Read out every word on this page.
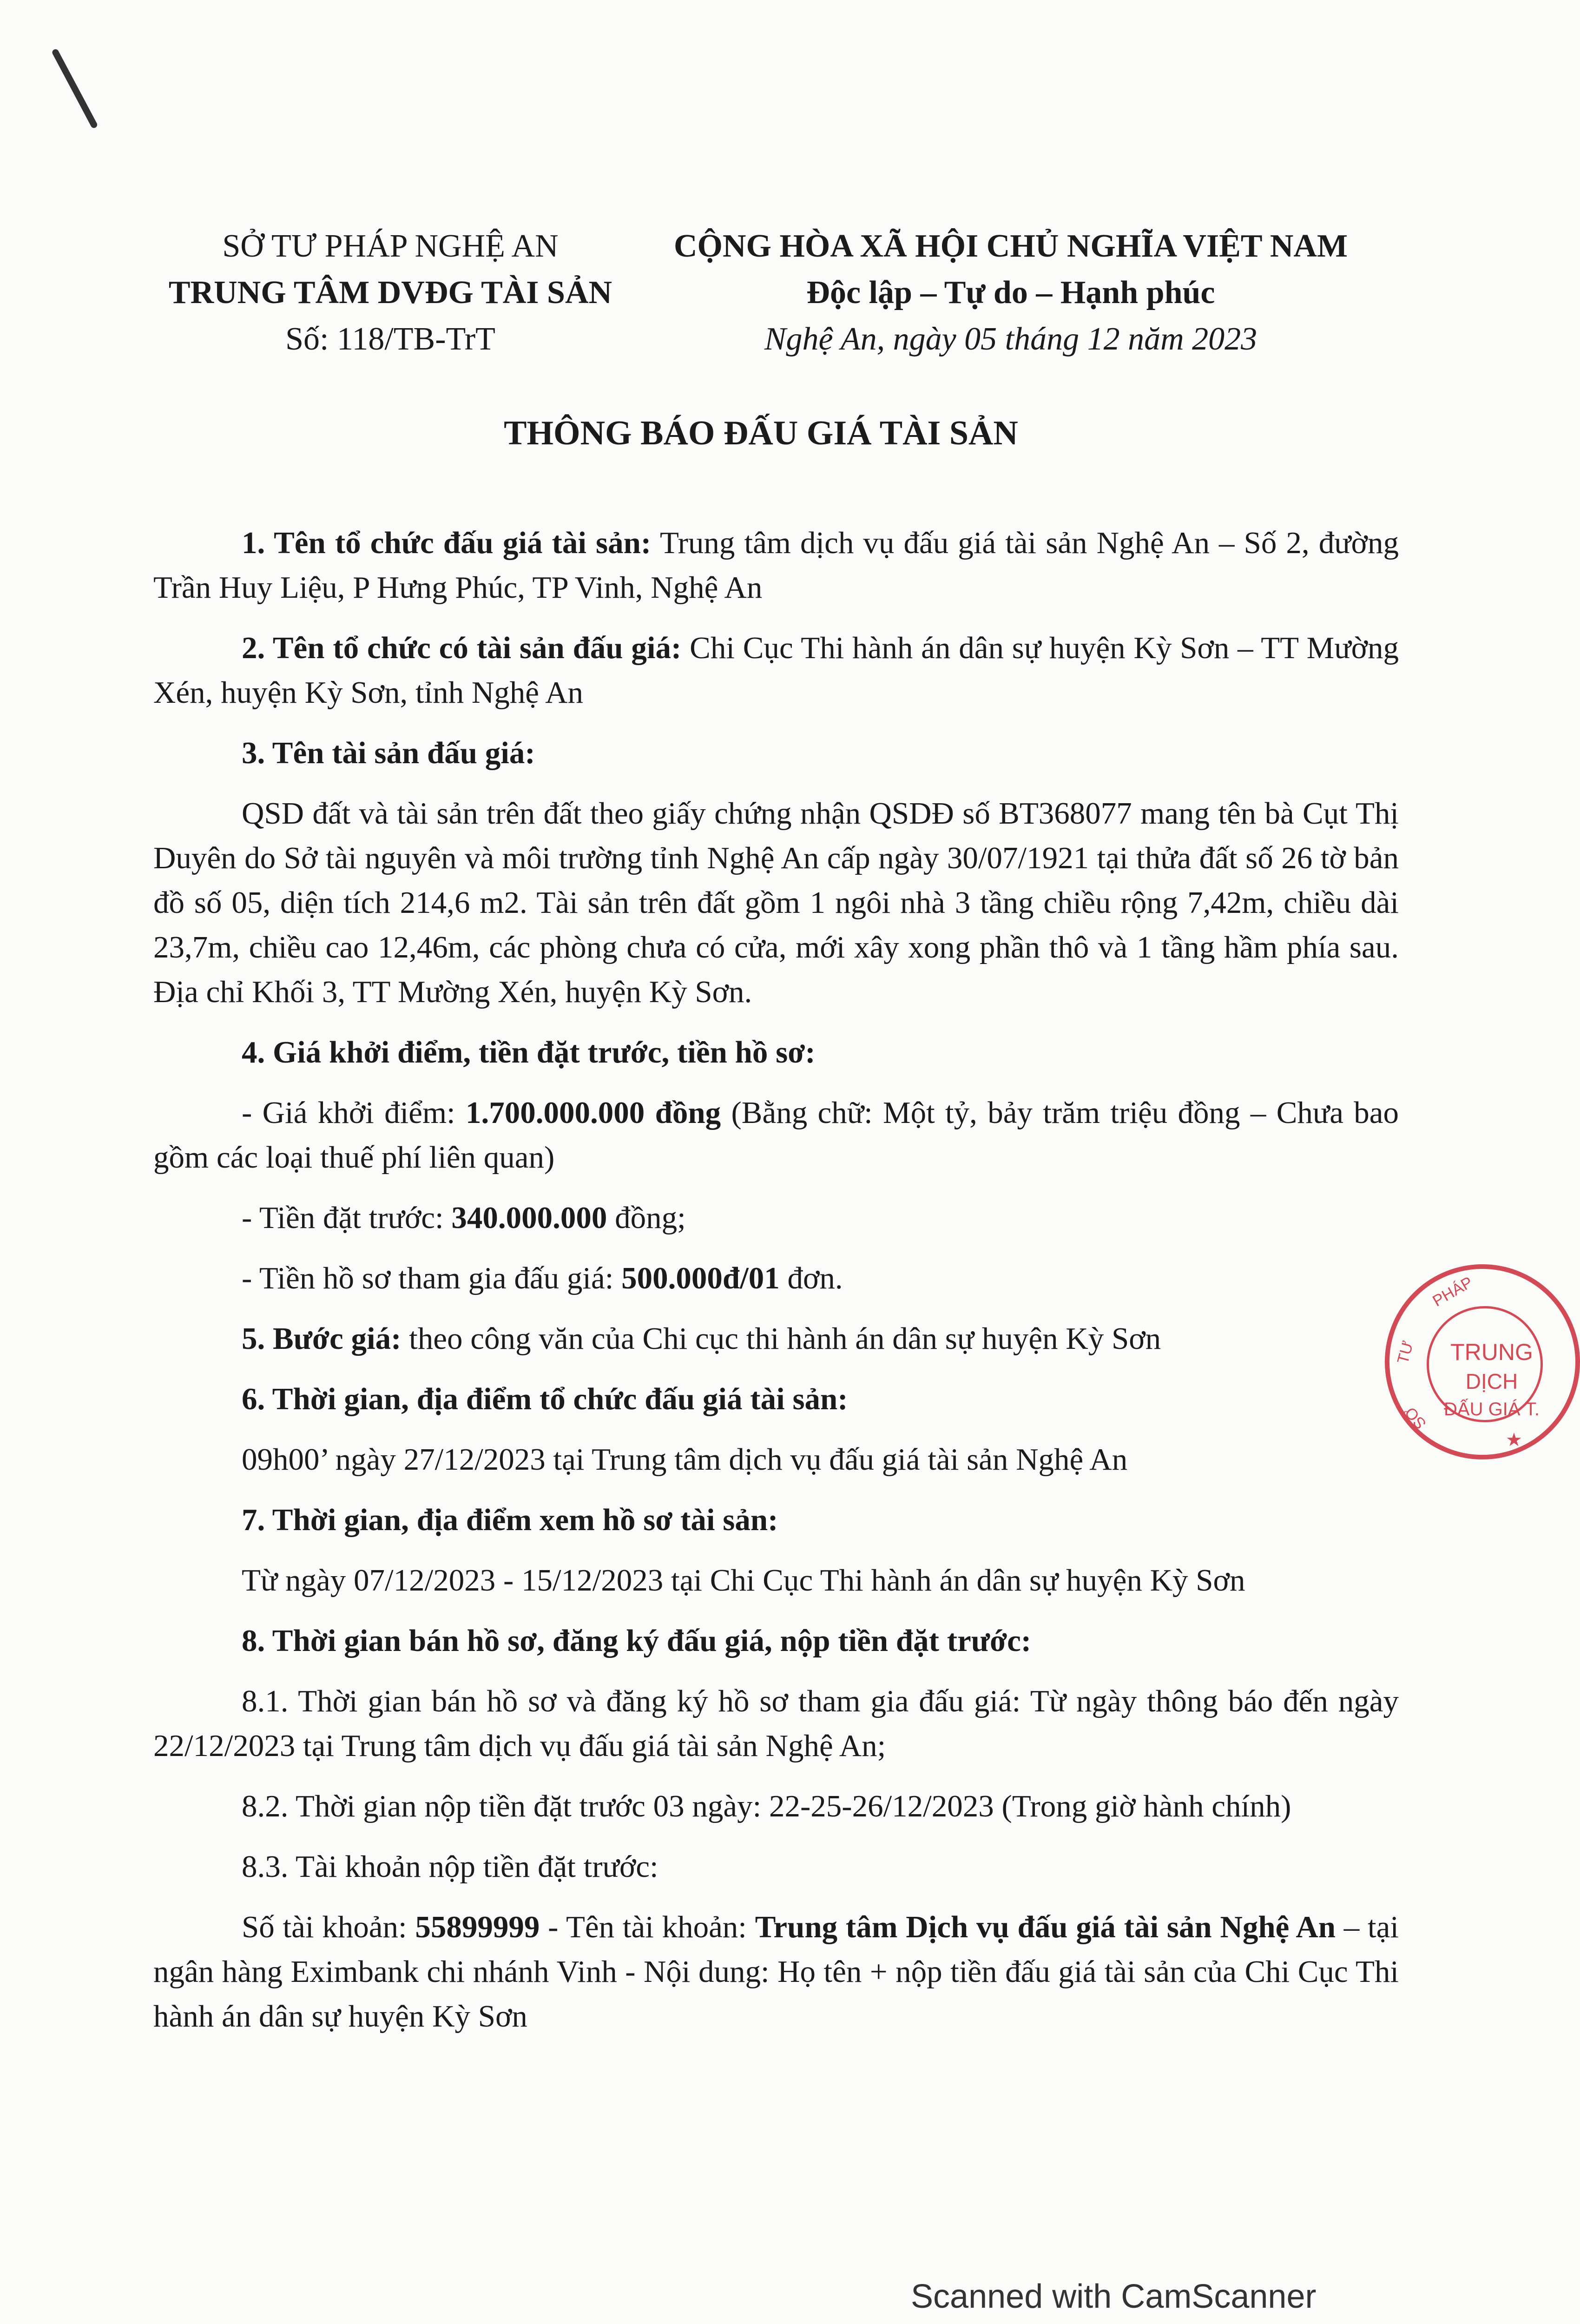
SỞ TƯ PHÁP NGHỆ AN
TRUNG TÂM DVĐG TÀI SẢN
Số: 118/TB-TrT
CỘNG HÒA XÃ HỘI CHỦ NGHĨA VIỆT NAM
Độc lập – Tự do – Hạnh phúc
Nghệ An, ngày 05 tháng 12 năm 2023
THÔNG BÁO ĐẤU GIÁ TÀI SẢN

1. Tên tổ chức đấu giá tài sản: Trung tâm dịch vụ đấu giá tài sản Nghệ An – Số 2, đường Trần Huy Liệu, P Hưng Phúc, TP Vinh, Nghệ An

2. Tên tổ chức có tài sản đấu giá: Chi Cục Thi hành án dân sự huyện Kỳ Sơn – TT Mường Xén, huyện Kỳ Sơn, tỉnh Nghệ An

3. Tên tài sản đấu giá:

QSD đất và tài sản trên đất theo giấy chứng nhận QSDĐ số BT368077 mang tên bà Cụt Thị Duyên do Sở tài nguyên và môi trường tỉnh Nghệ An cấp ngày 30/07/1921 tại thửa đất số 26 tờ bản đồ số 05, diện tích 214,6 m2. Tài sản trên đất gồm 1 ngôi nhà 3 tầng chiều rộng 7,42m, chiều dài 23,7m, chiều cao 12,46m, các phòng chưa có cửa, mới xây xong phần thô và 1 tầng hầm phía sau. Địa chỉ Khối 3, TT Mường Xén, huyện Kỳ Sơn.

4. Giá khởi điểm, tiền đặt trước, tiền hồ sơ:

- Giá khởi điểm: 1.700.000.000 đồng (Bằng chữ: Một tỷ, bảy trăm triệu đồng – Chưa bao gồm các loại thuế phí liên quan)

- Tiền đặt trước: 340.000.000 đồng;

- Tiền hồ sơ tham gia đấu giá: 500.000đ/01 đơn.

5. Bước giá: theo công văn của Chi cục thi hành án dân sự huyện Kỳ Sơn

6. Thời gian, địa điểm tổ chức đấu giá tài sản:

09h00’ ngày 27/12/2023 tại Trung tâm dịch vụ đấu giá tài sản Nghệ An

7. Thời gian, địa điểm xem hồ sơ tài sản:

Từ ngày 07/12/2023 - 15/12/2023 tại Chi Cục Thi hành án dân sự huyện Kỳ Sơn

8. Thời gian bán hồ sơ, đăng ký đấu giá, nộp tiền đặt trước:

8.1. Thời gian bán hồ sơ và đăng ký hồ sơ tham gia đấu giá: Từ ngày thông báo đến ngày 22/12/2023 tại Trung tâm dịch vụ đấu giá tài sản Nghệ An;

8.2. Thời gian nộp tiền đặt trước 03 ngày: 22-25-26/12/2023 (Trong giờ hành chính)

8.3. Tài khoản nộp tiền đặt trước:

Số tài khoản: 55899999 - Tên tài khoản: Trung tâm Dịch vụ đấu giá tài sản Nghệ An – tại ngân hàng Eximbank chi nhánh Vinh - Nội dung: Họ tên + nộp tiền đấu giá tài sản của Chi Cục Thi hành án dân sự huyện Kỳ Sơn

PHÁP
TƯ
SỞ
TRUNG
DỊCH
ĐẤU GIÁ T.
★
Scanned with CamScanner
